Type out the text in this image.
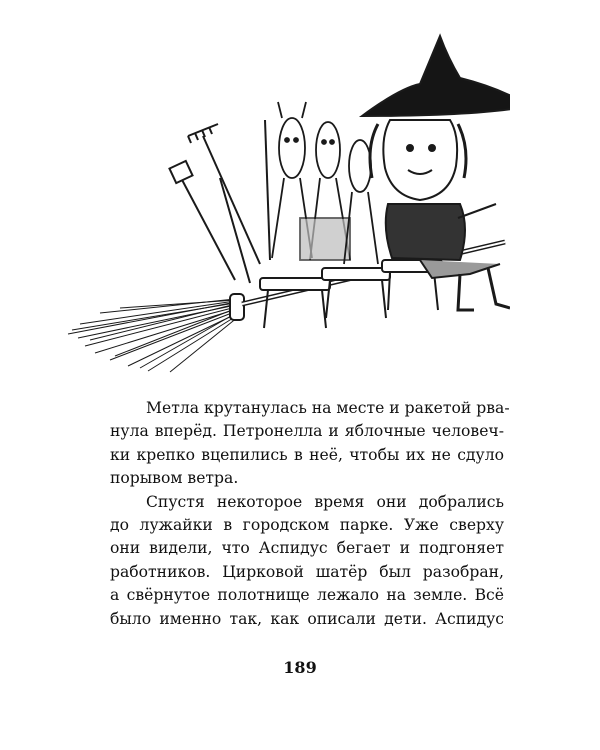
Метла крутанулась на месте и ракетой рва-
нула вперёд. Петронелла и яблочные человеч-
ки крепко вцепились в неё, чтобы их не сдуло
порывом ветра.

Спустя некоторое время они добрались
до лужайки в городском парке. Уже сверху
они видели, что Аспидус бегает и подгоняет
работников. Цирковой шатёр был разобран,
а свёрнутое полотнище лежало на земле. Всё
было именно так, как описали дети. Аспидус

189
